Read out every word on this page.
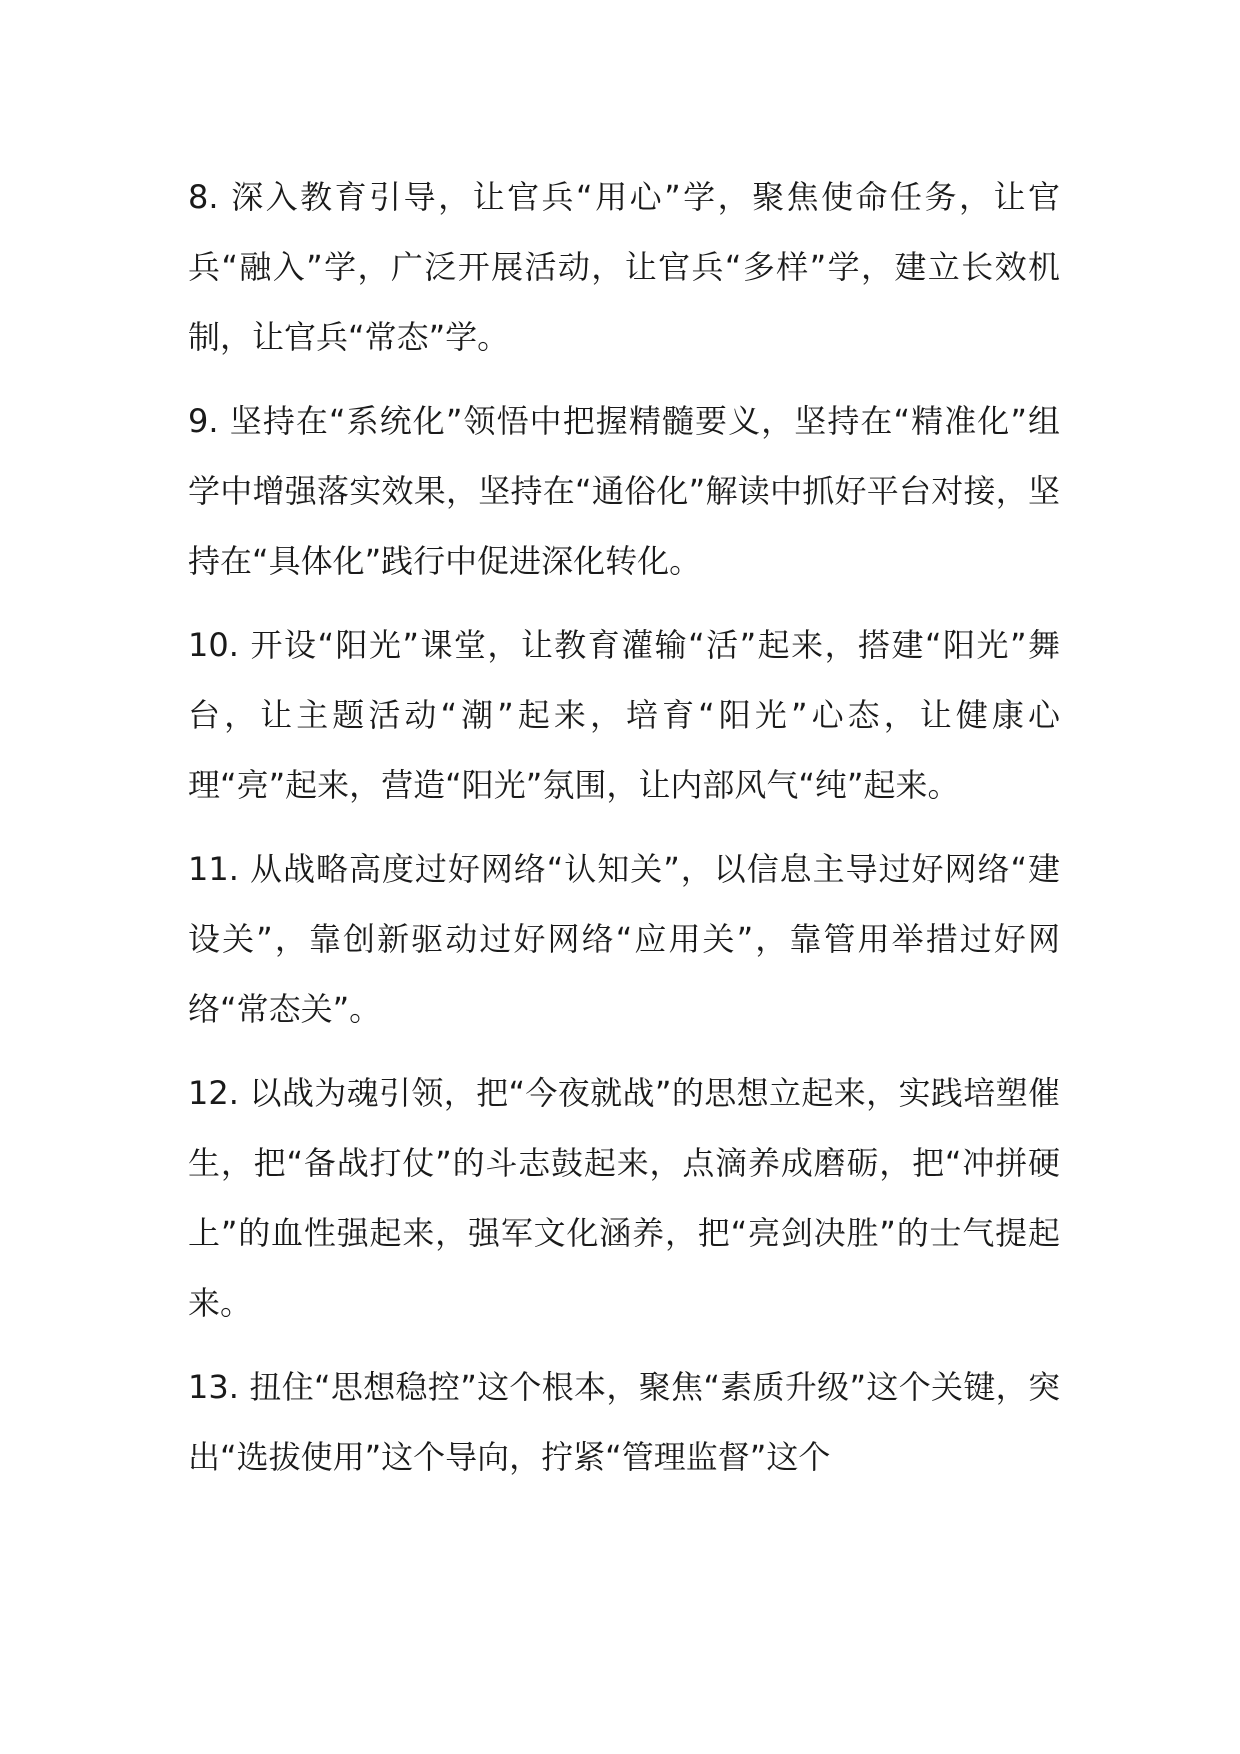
8. 深入教育引导，让官兵“用心”学，聚焦使命任务，让官兵“融入”学，广泛开展活动，让官兵“多样”学，建立长效机制，让官兵“常态”学。

9. 坚持在“系统化”领悟中把握精髓要义，坚持在“精准化”组学中增强落实效果，坚持在“通俗化”解读中抓好平台对接，坚持在“具体化”践行中促进深化转化。

10. 开设“阳光”课堂，让教育灌输“活”起来，搭建“阳光”舞台，让主题活动“潮”起来，培育“阳光”心态，让健康心理“亮”起来，营造“阳光”氛围，让内部风气“纯”起来。

11. 从战略高度过好网络“认知关”，以信息主导过好网络“建设关”，靠创新驱动过好网络“应用关”，靠管用举措过好网络“常态关”。

12. 以战为魂引领，把“今夜就战”的思想立起来，实践培塑催生，把“备战打仗”的斗志鼓起来，点滴养成磨砺，把“冲拼硬上”的血性强起来，强军文化涵养，把“亮剑决胜”的士气提起来。

13. 扭住“思想稳控”这个根本，聚焦“素质升级”这个关键，突出“选拔使用”这个导向，拧紧“管理监督”这个
